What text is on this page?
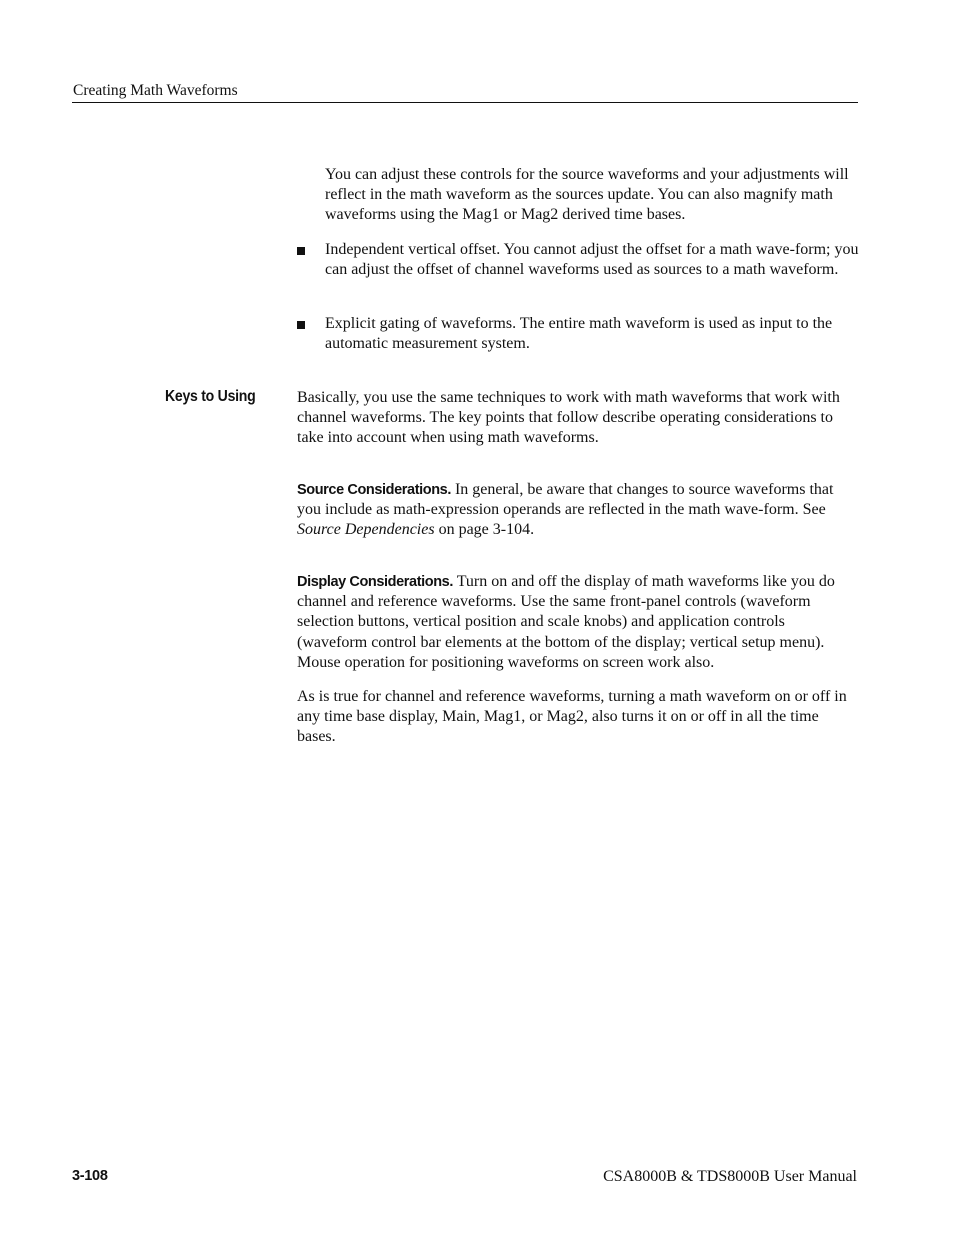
Creating Math Waveforms

You can adjust these controls for the source waveforms and your adjustments will reflect in the math waveform as the sources update. You can also magnify math waveforms using the Mag1 or Mag2 derived time bases.

Independent vertical offset. You cannot adjust the offset for a math wave-form; you can adjust the offset of channel waveforms used as sources to a math waveform.

Explicit gating of waveforms. The entire math waveform is used as input to the automatic measurement system.

Keys to Using	Basically, you use the same techniques to work with math waveforms that work with channel waveforms. The key points that follow describe operating considerations to take into account when using math waveforms.

Source Considerations. In general, be aware that changes to source waveforms that you include as math-expression operands are reflected in the math wave-form. See Source Dependencies on page 3-104.

Display Considerations. Turn on and off the display of math waveforms like you do channel and reference waveforms. Use the same front-panel controls (waveform selection buttons, vertical position and scale knobs) and application controls (waveform control bar elements at the bottom of the display; vertical setup menu). Mouse operation for positioning waveforms on screen work also.

As is true for channel and reference waveforms, turning a math waveform on or off in any time base display, Main, Mag1, or Mag2, also turns it on or off in all the time bases.

3-108	CSA8000B & TDS8000B User Manual
